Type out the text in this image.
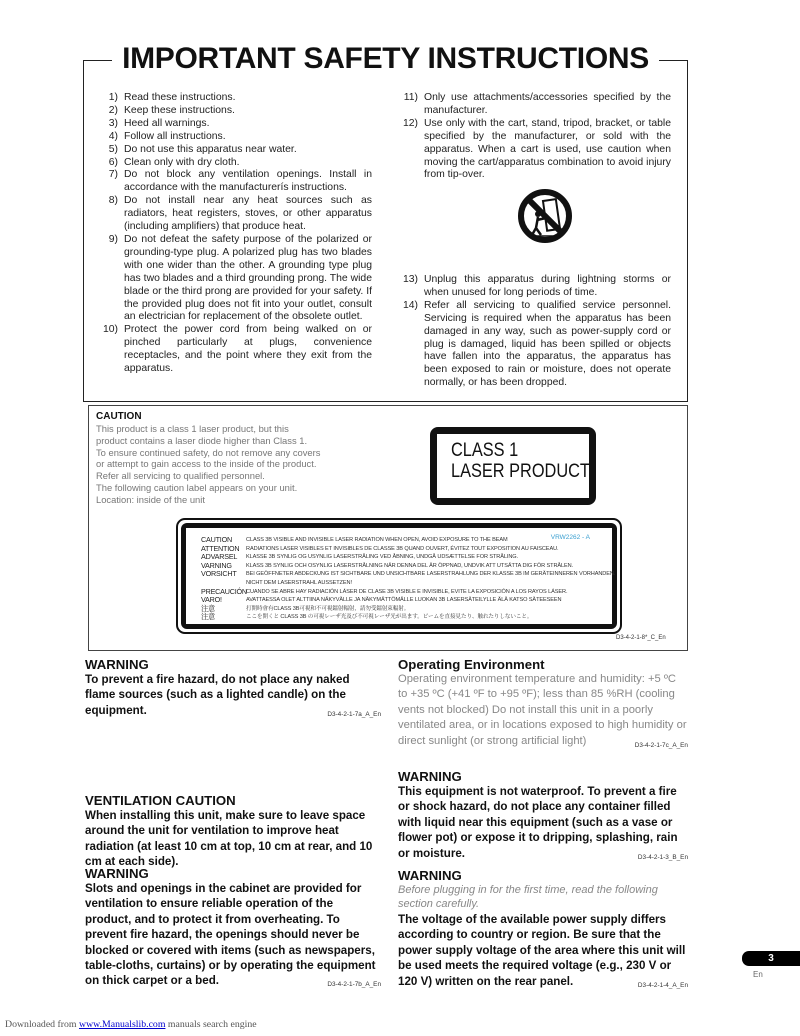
IMPORTANT SAFETY INSTRUCTIONS
1) Read these instructions.
2) Keep these instructions.
3) Heed all warnings.
4) Follow all instructions.
5) Do not use this apparatus near water.
6) Clean only with dry cloth.
7) Do not block any ventilation openings. Install in accordance with the manufacturerís instructions.
8) Do not install near any heat sources such as radiators, heat registers, stoves, or other apparatus (including amplifiers) that produce heat.
9) Do not defeat the safety purpose of the polarized or grounding-type plug. A polarized plug has two blades with one wider than the other. A grounding type plug has two blades and a third grounding prong. The wide blade or the third prong are provided for your safety. If the provided plug does not fit into your outlet, consult an electrician for replacement of the obsolete outlet.
10) Protect the power cord from being walked on or pinched particularly at plugs, convenience receptacles, and the point where they exit from the apparatus.
11) Only use attachments/accessories specified by the manufacturer.
12) Use only with the cart, stand, tripod, bracket, or table specified by the manufacturer, or sold with the apparatus. When a cart is used, use caution when moving the cart/apparatus combination to avoid injury from tip-over.
13) Unplug this apparatus during lightning storms or when unused for long periods of time.
14) Refer all servicing to qualified service personnel. Servicing is required when the apparatus has been damaged in any way, such as power-supply cord or plug is damaged, liquid has been spilled or objects have fallen into the apparatus, the apparatus has been exposed to rain or moisture, does not operate normally, or has been dropped.
CAUTION
This product is a class 1 laser product, but this
product contains a laser diode higher than Class 1.
To ensure continued safety, do not remove any covers
or attempt to gain access to the inside of the product.
Refer all servicing to qualified personnel.
The following caution label appears on your unit.
Location: inside of the unit
CLASS 1
LASER PRODUCT
VRW2262 - A
CAUTION	CLASS 3B VISIBLE AND INVISIBLE LASER RADIATION WHEN OPEN, AVOID EXPOSURE TO THE BEAM
ATTENTION	RADIATIONS LASER VISIBLES ET INVISIBLES DE CLASSE 3B QUAND OUVERT, ÉVITEZ TOUT EXPOSITION AU FAISCEAU.
ADVARSEL	KLASSE 3B SYNLIG OG USYNLIG LASERSTRÅLING VED ÅBNING, UNDGÅ UDSÆTTELSE FOR STRÅLING.
VARNING	KLASS 3B SYNLIG OCH OSYNLIG LASERSTRÅLNING NÄR DENNA DEL ÄR ÖPPNAD, UNDVIK ATT UTSÄTTA DIG FÖR STRÅLEN.
VORSICHT	BEI GEÖFFNETER ABDECKUNG IST SICHTBARE UND UNSICHTBARE LASERSTRAHLUNG DER KLASSE 3B IM GERÄTEINNEREN VORHANDEN.
NICHT DEM LASERSTRAHL AUSSETZEN!
PRECAUCIÓN CUANDO SE ABRE HAY RADIACIÓN LÁSER DE CLASE 3B VISIBLE E INVISIBLE, EVITE LA EXPOSICIÓN A LOS RAYOS LÁSER.
VARO!	AVATTAESSA OLET ALTTIINA NÄKYVÄLLE JA NÄKYMÄTTÖMÄLLE LUOKAN 3B LASERSÄTEILYLLE ÄLÄ KATSO SÄTEESEEN
注意	打開時會有CLASS 3B可視和不可視鐳射輻射，請勿受鐳射束輻射。
注意	ここを開くと CLASS 3B の可視レーザ光及び不可視レーザ光が出ます。ビームを直接見たり、触れたりしないこと。
D3-4-2-1-8*_C_En
WARNING
To prevent a fire hazard, do not place any naked flame sources (such as a lighted candle) on the equipment.	D3-4-2-1-7a_A_En
VENTILATION CAUTION
When installing this unit, make sure to leave space around the unit for ventilation to improve heat radiation (at least 10 cm at top, 10 cm at rear, and 10 cm at each side).
WARNING
Slots and openings in the cabinet are provided for ventilation to ensure reliable operation of the product, and to protect it from overheating. To prevent fire hazard, the openings should never be blocked or covered with items (such as newspapers, table-cloths, curtains) or by operating the equipment on thick carpet or a bed.	D3-4-2-1-7b_A_En
Operating Environment
Operating environment temperature and humidity: +5 ºC to +35 ºC (+41 ºF to +95 ºF); less than 85 %RH (cooling vents not blocked) Do not install this unit in a poorly ventilated area, or in locations exposed to high humidity or direct sunlight (or strong artificial light)	D3-4-2-1-7c_A_En
WARNING
This equipment is not waterproof. To prevent a fire or shock hazard, do not place any container filled with liquid near this equipment (such as a vase or flower pot) or expose it to dripping, splashing, rain or moisture.	D3-4-2-1-3_B_En
WARNING
Before plugging in for the first time, read the following section carefully.
The voltage of the available power supply differs according to country or region. Be sure that the power supply voltage of the area where this unit will be used meets the required voltage (e.g., 230 V or 120 V) written on the rear panel.	D3-4-2-1-4_A_En
3
En
Downloaded from www.Manualslib.com manuals search engine
